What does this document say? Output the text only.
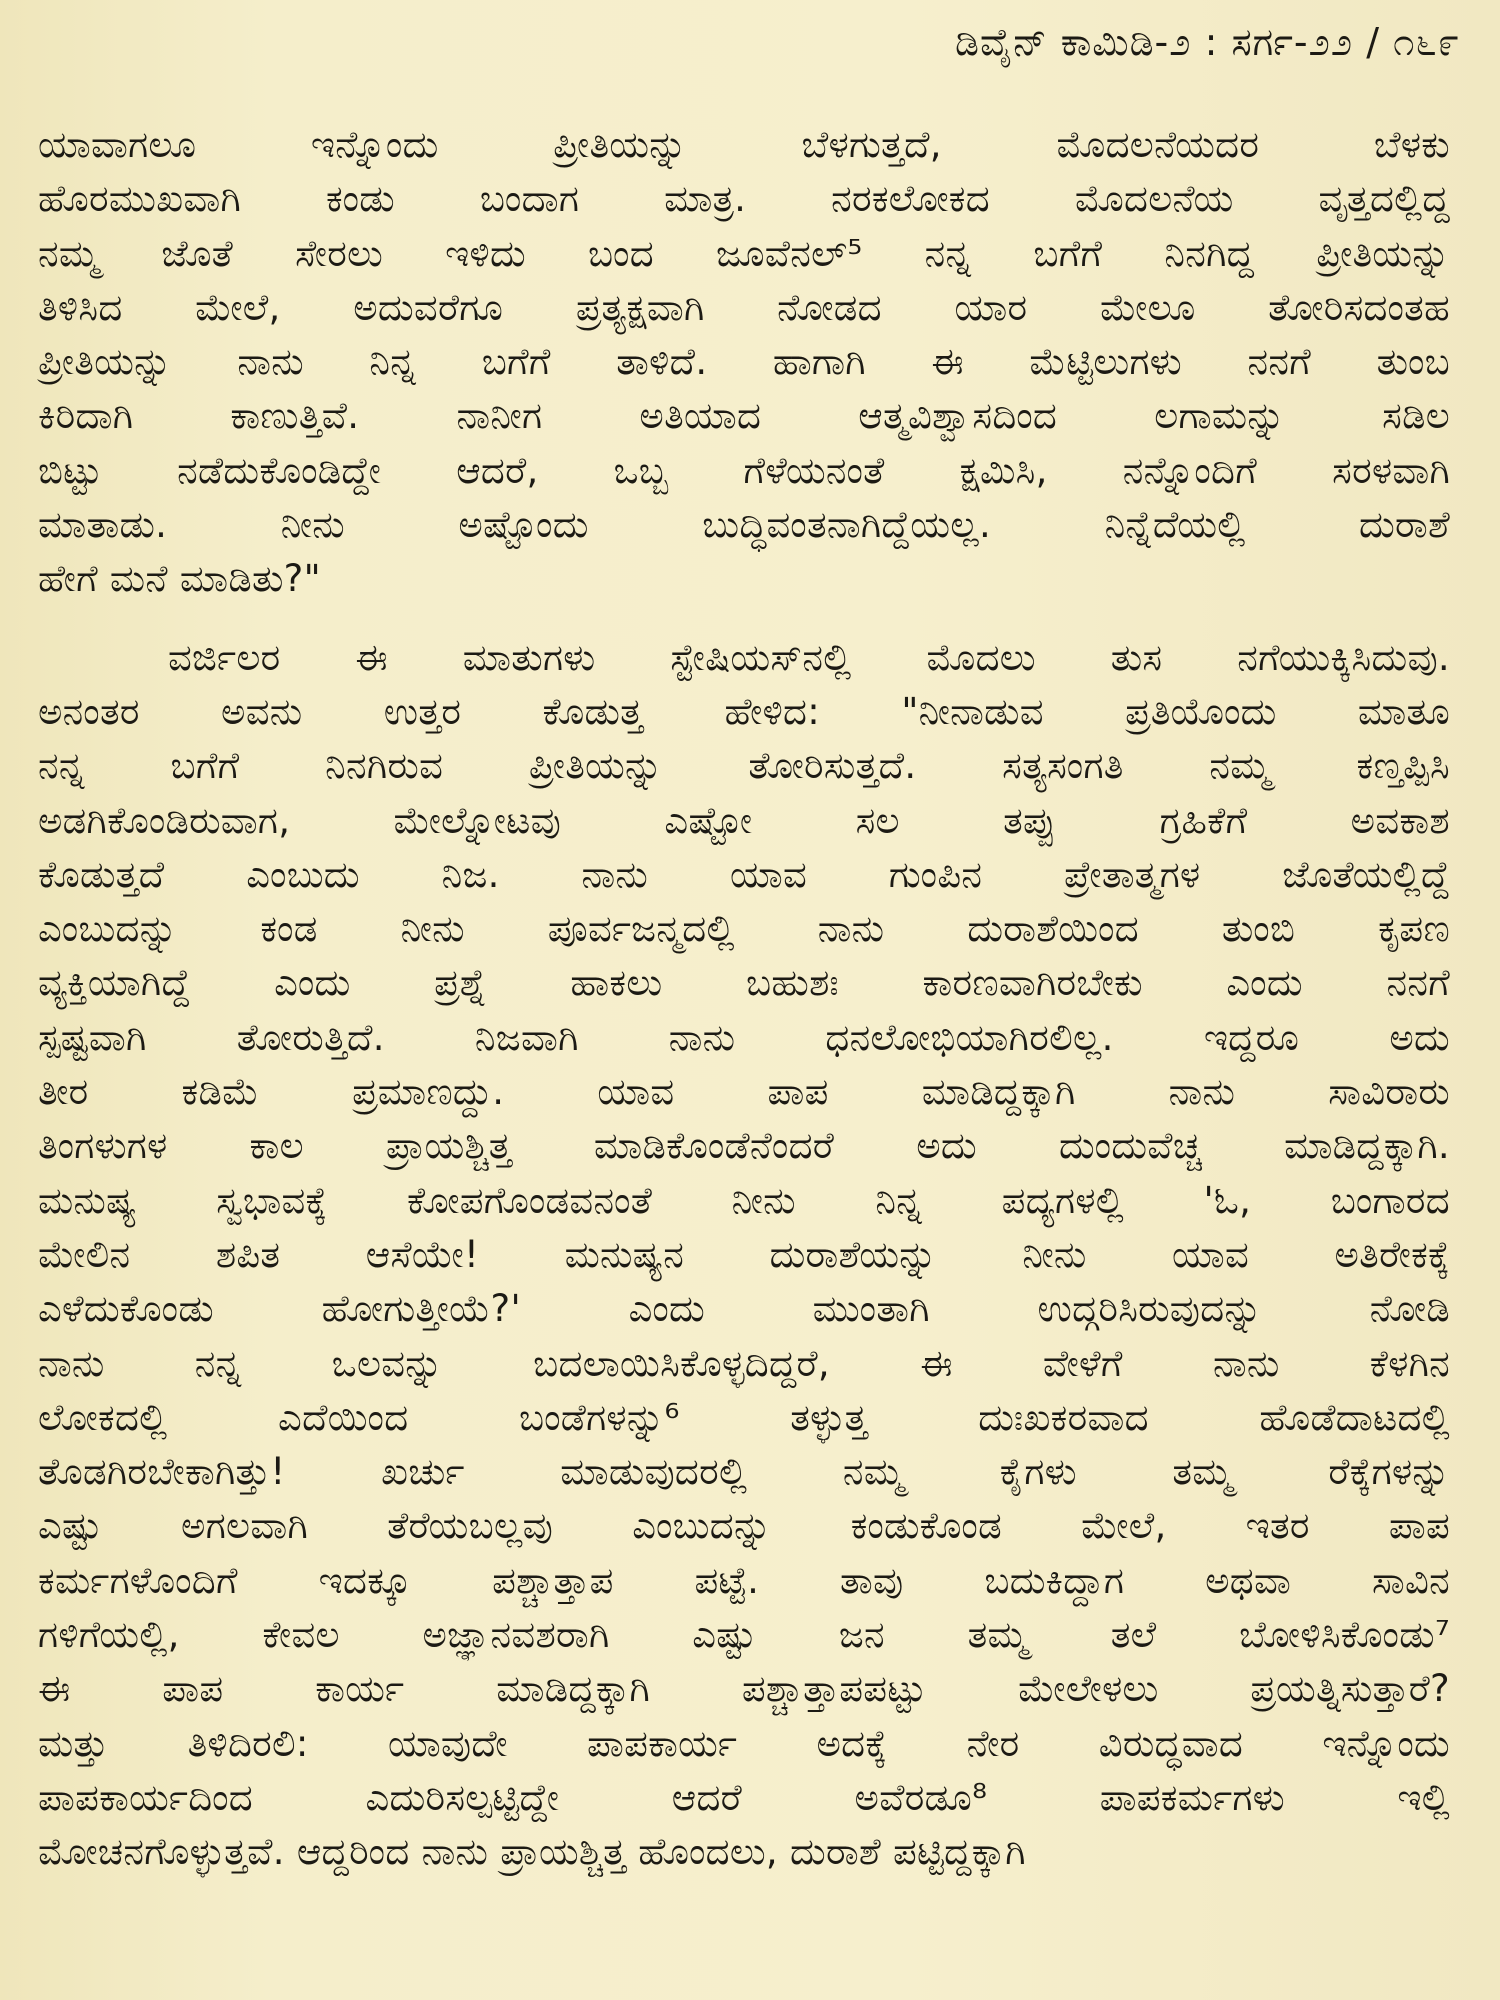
ಡಿವೈನ್ ಕಾಮಿಡಿ-೨ : ಸರ್ಗ-೨೨ / ೧೬೯
ಯಾವಾಗಲೂ ಇನ್ನೊಂದು ಪ್ರೀತಿಯನ್ನು ಬೆಳಗುತ್ತದೆ, ಮೊದಲನೆಯದರ ಬೆಳಕು
ಹೊರಮುಖವಾಗಿ ಕಂಡು ಬಂದಾಗ ಮಾತ್ರ. ನರಕಲೋಕದ ಮೊದಲನೆಯ ವೃತ್ತದಲ್ಲಿದ್ದ
ನಮ್ಮ ಜೊತೆ ಸೇರಲು ಇಳಿದು ಬಂದ ಜೂವೆನಲ್⁵ ನನ್ನ ಬಗೆಗೆ ನಿನಗಿದ್ದ ಪ್ರೀತಿಯನ್ನು
ತಿಳಿಸಿದ ಮೇಲೆ, ಅದುವರೆಗೂ ಪ್ರತ್ಯಕ್ಷವಾಗಿ ನೋಡದ ಯಾರ ಮೇಲೂ ತೋರಿಸದಂತಹ
ಪ್ರೀತಿಯನ್ನು ನಾನು ನಿನ್ನ ಬಗೆಗೆ ತಾಳಿದೆ. ಹಾಗಾಗಿ ಈ ಮೆಟ್ಟಿಲುಗಳು ನನಗೆ ತುಂಬ
ಕಿರಿದಾಗಿ ಕಾಣುತ್ತಿವೆ. ನಾನೀಗ ಅತಿಯಾದ ಆತ್ಮವಿಶ್ವಾಸದಿಂದ ಲಗಾಮನ್ನು ಸಡಿಲ
ಬಿಟ್ಟು ನಡೆದುಕೊಂಡಿದ್ದೇ ಆದರೆ, ಒಬ್ಬ ಗೆಳೆಯನಂತೆ ಕ್ಷಮಿಸಿ, ನನ್ನೊಂದಿಗೆ ಸರಳವಾಗಿ
ಮಾತಾಡು. ನೀನು ಅಷ್ಟೊಂದು ಬುದ್ಧಿವಂತನಾಗಿದ್ದೆಯಲ್ಲ. ನಿನ್ನೆದೆಯಲ್ಲಿ ದುರಾಶೆ
ಹೇಗೆ ಮನೆ ಮಾಡಿತು?"
ವರ್ಜಿಲರ ಈ ಮಾತುಗಳು ಸ್ಟೇಷಿಯಸ್‌ನಲ್ಲಿ ಮೊದಲು ತುಸ ನಗೆಯುಕ್ಕಿಸಿದುವು.
ಅನಂತರ ಅವನು ಉತ್ತರ ಕೊಡುತ್ತ ಹೇಳಿದ: "ನೀನಾಡುವ ಪ್ರತಿಯೊಂದು ಮಾತೂ
ನನ್ನ ಬಗೆಗೆ ನಿನಗಿರುವ ಪ್ರೀತಿಯನ್ನು ತೋರಿಸುತ್ತದೆ. ಸತ್ಯಸಂಗತಿ ನಮ್ಮ ಕಣ್ತಪ್ಪಿಸಿ
ಅಡಗಿಕೊಂಡಿರುವಾಗ, ಮೇಲ್ನೋಟವು ಎಷ್ಟೋ ಸಲ ತಪ್ಪು ಗ್ರಹಿಕೆಗೆ ಅವಕಾಶ
ಕೊಡುತ್ತದೆ ಎಂಬುದು ನಿಜ. ನಾನು ಯಾವ ಗುಂಪಿನ ಪ್ರೇತಾತ್ಮಗಳ ಜೊತೆಯಲ್ಲಿದ್ದೆ
ಎಂಬುದನ್ನು ಕಂಡ ನೀನು ಪೂರ್ವಜನ್ಮದಲ್ಲಿ ನಾನು ದುರಾಶೆಯಿಂದ ತುಂಬಿ ಕೃಪಣ
ವ್ಯಕ್ತಿಯಾಗಿದ್ದೆ ಎಂದು ಪ್ರಶ್ನೆ ಹಾಕಲು ಬಹುಶಃ ಕಾರಣವಾಗಿರಬೇಕು ಎಂದು ನನಗೆ
ಸ್ಪಷ್ಟವಾಗಿ ತೋರುತ್ತಿದೆ. ನಿಜವಾಗಿ ನಾನು ಧನಲೋಭಿಯಾಗಿರಲಿಲ್ಲ. ಇದ್ದರೂ ಅದು
ತೀರ ಕಡಿಮೆ ಪ್ರಮಾಣದ್ದು. ಯಾವ ಪಾಪ ಮಾಡಿದ್ದಕ್ಕಾಗಿ ನಾನು ಸಾವಿರಾರು
ತಿಂಗಳುಗಳ ಕಾಲ ಪ್ರಾಯಶ್ಚಿತ್ತ ಮಾಡಿಕೊಂಡೆನೆಂದರೆ ಅದು ದುಂದುವೆಚ್ಚ ಮಾಡಿದ್ದಕ್ಕಾಗಿ.
ಮನುಷ್ಯ ಸ್ವಭಾವಕ್ಕೆ ಕೋಪಗೊಂಡವನಂತೆ ನೀನು ನಿನ್ನ ಪದ್ಯಗಳಲ್ಲಿ 'ಓ, ಬಂಗಾರದ
ಮೇಲಿನ ಶಪಿತ ಆಸೆಯೇ! ಮನುಷ್ಯನ ದುರಾಶೆಯನ್ನು ನೀನು ಯಾವ ಅತಿರೇಕಕ್ಕೆ
ಎಳೆದುಕೊಂಡು ಹೋಗುತ್ತೀಯೆ?' ಎಂದು ಮುಂತಾಗಿ ಉದ್ಗರಿಸಿರುವುದನ್ನು ನೋಡಿ
ನಾನು ನನ್ನ ಒಲವನ್ನು ಬದಲಾಯಿಸಿಕೊಳ್ಳದಿದ್ದರೆ, ಈ ವೇಳೆಗೆ ನಾನು ಕೆಳಗಿನ
ಲೋಕದಲ್ಲಿ ಎದೆಯಿಂದ ಬಂಡೆಗಳನ್ನು⁶ ತಳ್ಳುತ್ತ ದುಃಖಕರವಾದ ಹೊಡೆದಾಟದಲ್ಲಿ
ತೊಡಗಿರಬೇಕಾಗಿತ್ತು! ಖರ್ಚು ಮಾಡುವುದರಲ್ಲಿ ನಮ್ಮ ಕೈಗಳು ತಮ್ಮ ರೆಕ್ಕೆಗಳನ್ನು
ಎಷ್ಟು ಅಗಲವಾಗಿ ತೆರೆಯಬಲ್ಲವು ಎಂಬುದನ್ನು ಕಂಡುಕೊಂಡ ಮೇಲೆ, ಇತರ ಪಾಪ
ಕರ್ಮಗಳೊಂದಿಗೆ ಇದಕ್ಕೂ ಪಶ್ಚಾತ್ತಾಪ ಪಟ್ಟೆ. ತಾವು ಬದುಕಿದ್ದಾಗ ಅಥವಾ ಸಾವಿನ
ಗಳಿಗೆಯಲ್ಲಿ, ಕೇವಲ ಅಜ್ಞಾನವಶರಾಗಿ ಎಷ್ಟು ಜನ ತಮ್ಮ ತಲೆ ಬೋಳಿಸಿಕೊಂಡು⁷
ಈ ಪಾಪ ಕಾರ್ಯ ಮಾಡಿದ್ದಕ್ಕಾಗಿ ಪಶ್ಚಾತ್ತಾಪಪಟ್ಟು ಮೇಲೇಳಲು ಪ್ರಯತ್ನಿಸುತ್ತಾರೆ?
ಮತ್ತು ತಿಳಿದಿರಲಿ: ಯಾವುದೇ ಪಾಪಕಾರ್ಯ ಅದಕ್ಕೆ ನೇರ ವಿರುದ್ಧವಾದ ಇನ್ನೊಂದು
ಪಾಪಕಾರ್ಯದಿಂದ ಎದುರಿಸಲ್ಪಟ್ಟಿದ್ದೇ ಆದರೆ ಅವೆರಡೂ⁸ ಪಾಪಕರ್ಮಗಳು ಇಲ್ಲಿ
ಮೋಚನಗೊಳ್ಳುತ್ತವೆ. ಆದ್ದರಿಂದ ನಾನು ಪ್ರಾಯಶ್ಚಿತ್ತ ಹೊಂದಲು, ದುರಾಶೆ ಪಟ್ಟಿದ್ದಕ್ಕಾಗಿ
